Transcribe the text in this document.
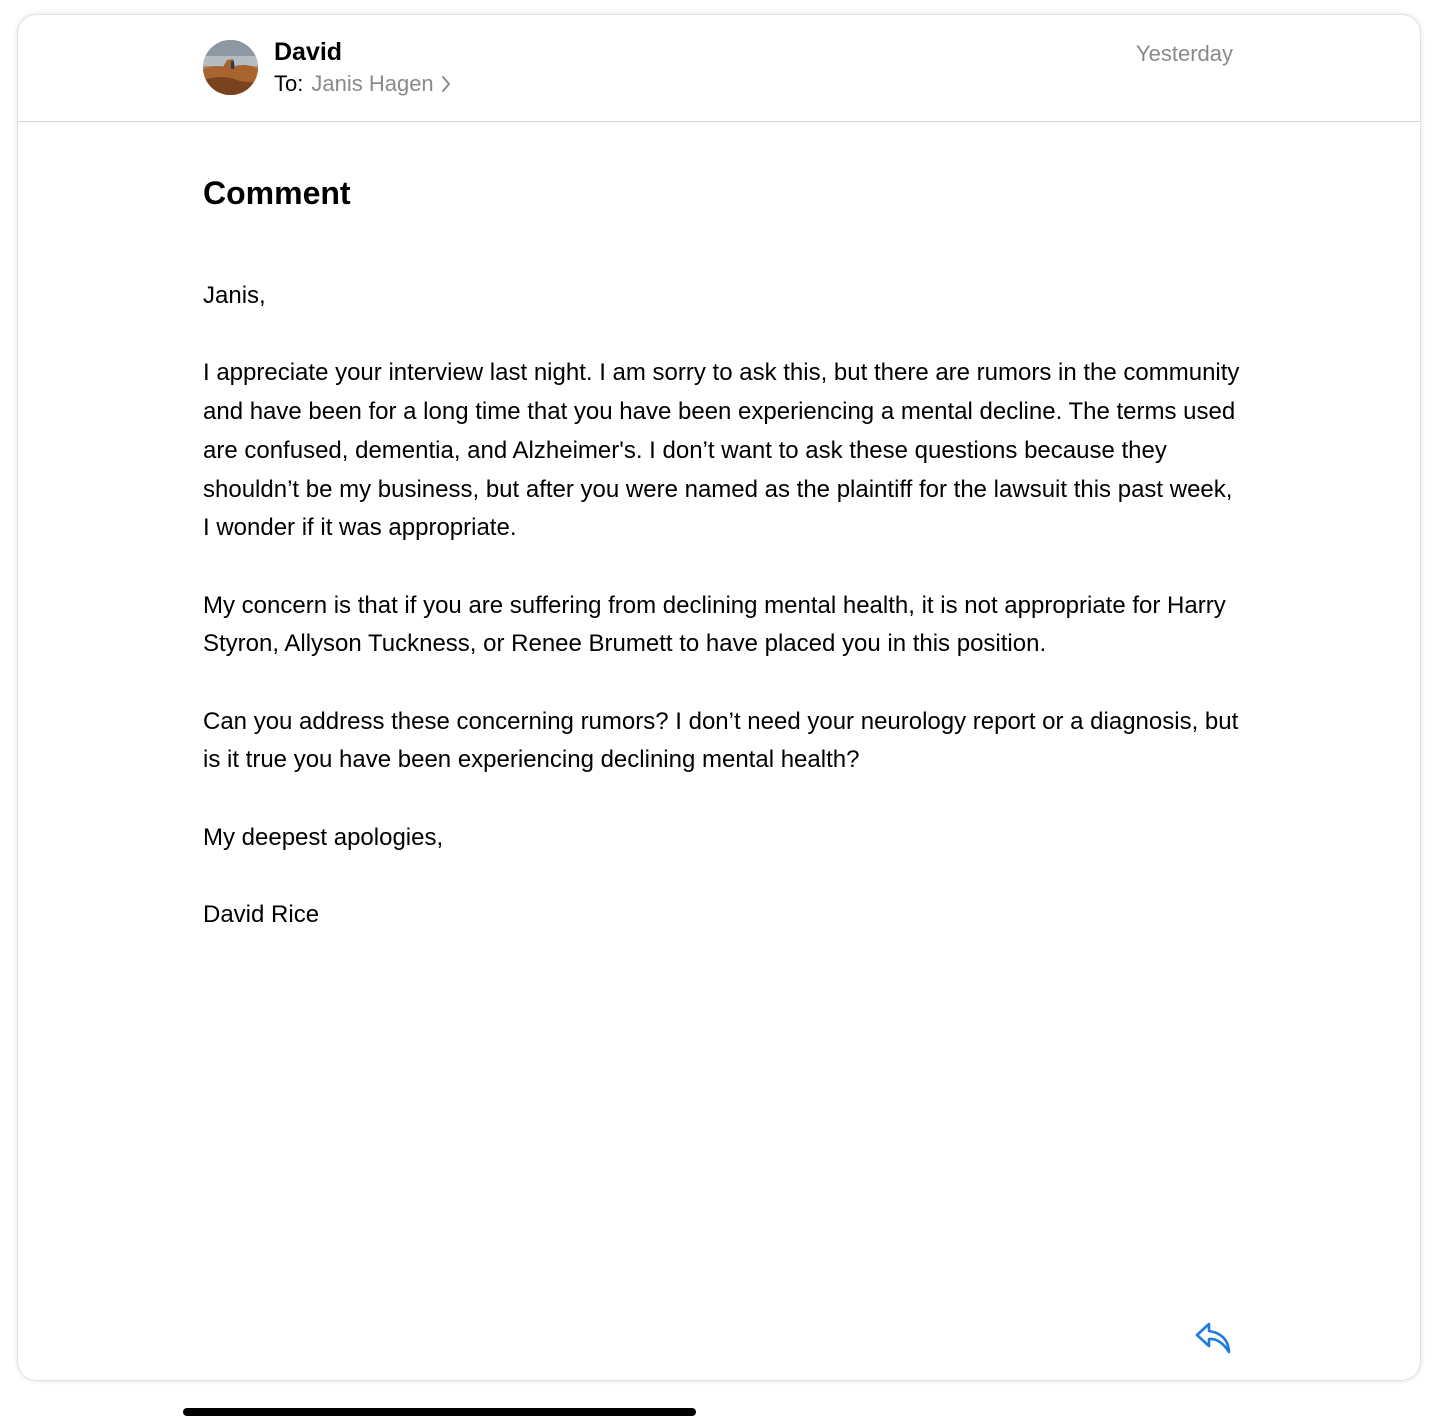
David
To: Janis Hagen
Yesterday
Comment

Janis,

I appreciate your interview last night. I am sorry to ask this, but there are rumors in the community and have been for a long time that you have been experiencing a mental decline. The terms used are confused, dementia, and Alzheimer's. I don’t want to ask these questions because they shouldn’t be my business, but after you were named as the plaintiff for the lawsuit this past week, I wonder if it was appropriate.

My concern is that if you are suffering from declining mental health, it is not appropriate for Harry Styron, Allyson Tuckness, or Renee Brumett to have placed you in this position.

Can you address these concerning rumors? I don’t need your neurology report or a diagnosis, but is it true you have been experiencing declining mental health?

My deepest apologies,

David Rice
